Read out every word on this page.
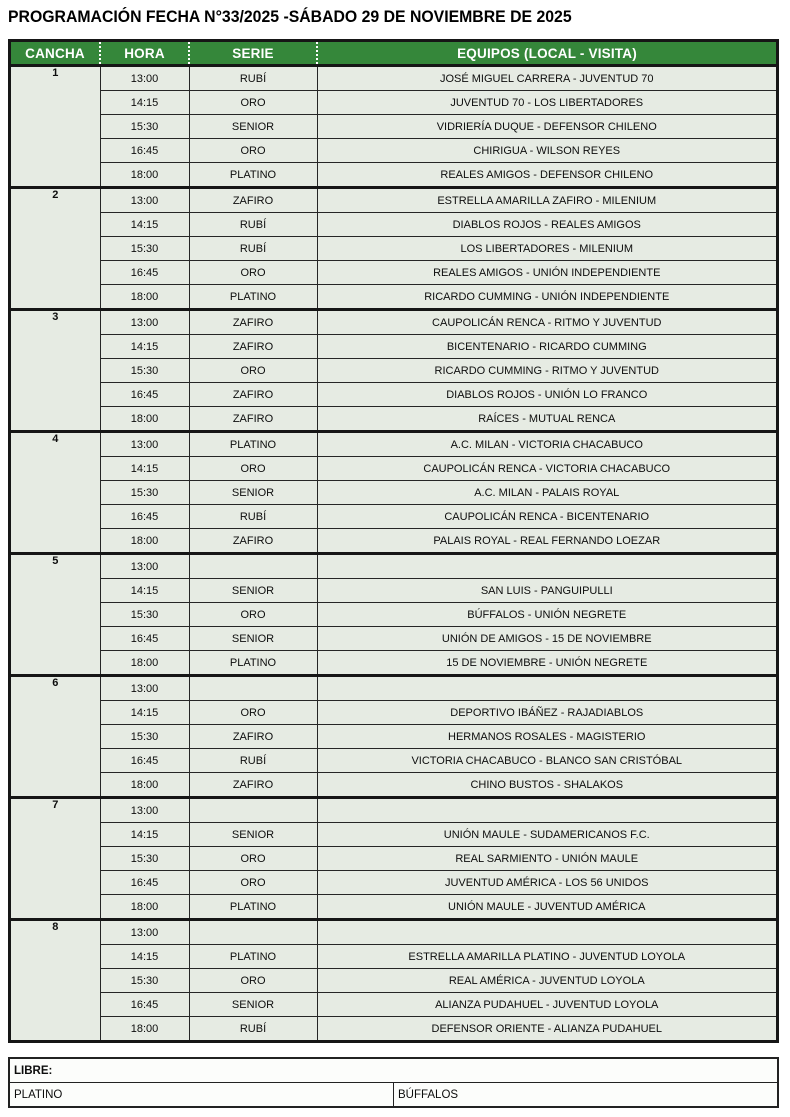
PROGRAMACIÓN FECHA N°33/2025 -SÁBADO 29 DE NOVIEMBRE DE 2025
CANCHA	HORA	SERIE	EQUIPOS (LOCAL - VISITA)
1	13:00	RUBÍ	JOSÉ MIGUEL CARRERA - JUVENTUD 70
	14:15	ORO	JUVENTUD 70 - LOS LIBERTADORES
	15:30	SENIOR	VIDRIERÍA DUQUE - DEFENSOR CHILENO
	16:45	ORO	CHIRIGUA - WILSON REYES
	18:00	PLATINO	REALES AMIGOS - DEFENSOR CHILENO
2	13:00	ZAFIRO	ESTRELLA AMARILLA ZAFIRO - MILENIUM
	14:15	RUBÍ	DIABLOS ROJOS - REALES AMIGOS
	15:30	RUBÍ	LOS LIBERTADORES - MILENIUM
	16:45	ORO	REALES AMIGOS - UNIÓN INDEPENDIENTE
	18:00	PLATINO	RICARDO CUMMING - UNIÓN INDEPENDIENTE
3	13:00	ZAFIRO	CAUPOLICÁN RENCA - RITMO Y JUVENTUD
	14:15	ZAFIRO	BICENTENARIO - RICARDO CUMMING
	15:30	ORO	RICARDO CUMMING - RITMO Y JUVENTUD
	16:45	ZAFIRO	DIABLOS ROJOS - UNIÓN LO FRANCO
	18:00	ZAFIRO	RAÍCES - MUTUAL RENCA
4	13:00	PLATINO	A.C. MILAN - VICTORIA CHACABUCO
	14:15	ORO	CAUPOLICÁN RENCA - VICTORIA CHACABUCO
	15:30	SENIOR	A.C. MILAN - PALAIS ROYAL
	16:45	RUBÍ	CAUPOLICÁN RENCA - BICENTENARIO
	18:00	ZAFIRO	PALAIS ROYAL - REAL FERNANDO LOEZAR
5	13:00		
	14:15	SENIOR	SAN LUIS - PANGUIPULLI
	15:30	ORO	BÚFFALOS - UNIÓN NEGRETE
	16:45	SENIOR	UNIÓN DE AMIGOS - 15 DE NOVIEMBRE
	18:00	PLATINO	15 DE NOVIEMBRE - UNIÓN NEGRETE
6	13:00		
	14:15	ORO	DEPORTIVO IBÁÑEZ - RAJADIABLOS
	15:30	ZAFIRO	HERMANOS ROSALES - MAGISTERIO
	16:45	RUBÍ	VICTORIA CHACABUCO - BLANCO SAN CRISTÓBAL
	18:00	ZAFIRO	CHINO BUSTOS - SHALAKOS
7	13:00		
	14:15	SENIOR	UNIÓN MAULE - SUDAMERICANOS F.C.
	15:30	ORO	REAL SARMIENTO - UNIÓN MAULE
	16:45	ORO	JUVENTUD AMÉRICA - LOS 56 UNIDOS
	18:00	PLATINO	UNIÓN MAULE - JUVENTUD AMÉRICA
8	13:00		
	14:15	PLATINO	ESTRELLA AMARILLA PLATINO - JUVENTUD LOYOLA
	15:30	ORO	REAL AMÉRICA - JUVENTUD LOYOLA
	16:45	SENIOR	ALIANZA PUDAHUEL - JUVENTUD LOYOLA
	18:00	RUBÍ	DEFENSOR ORIENTE - ALIANZA PUDAHUEL
LIBRE:
PLATINO	BÚFFALOS
